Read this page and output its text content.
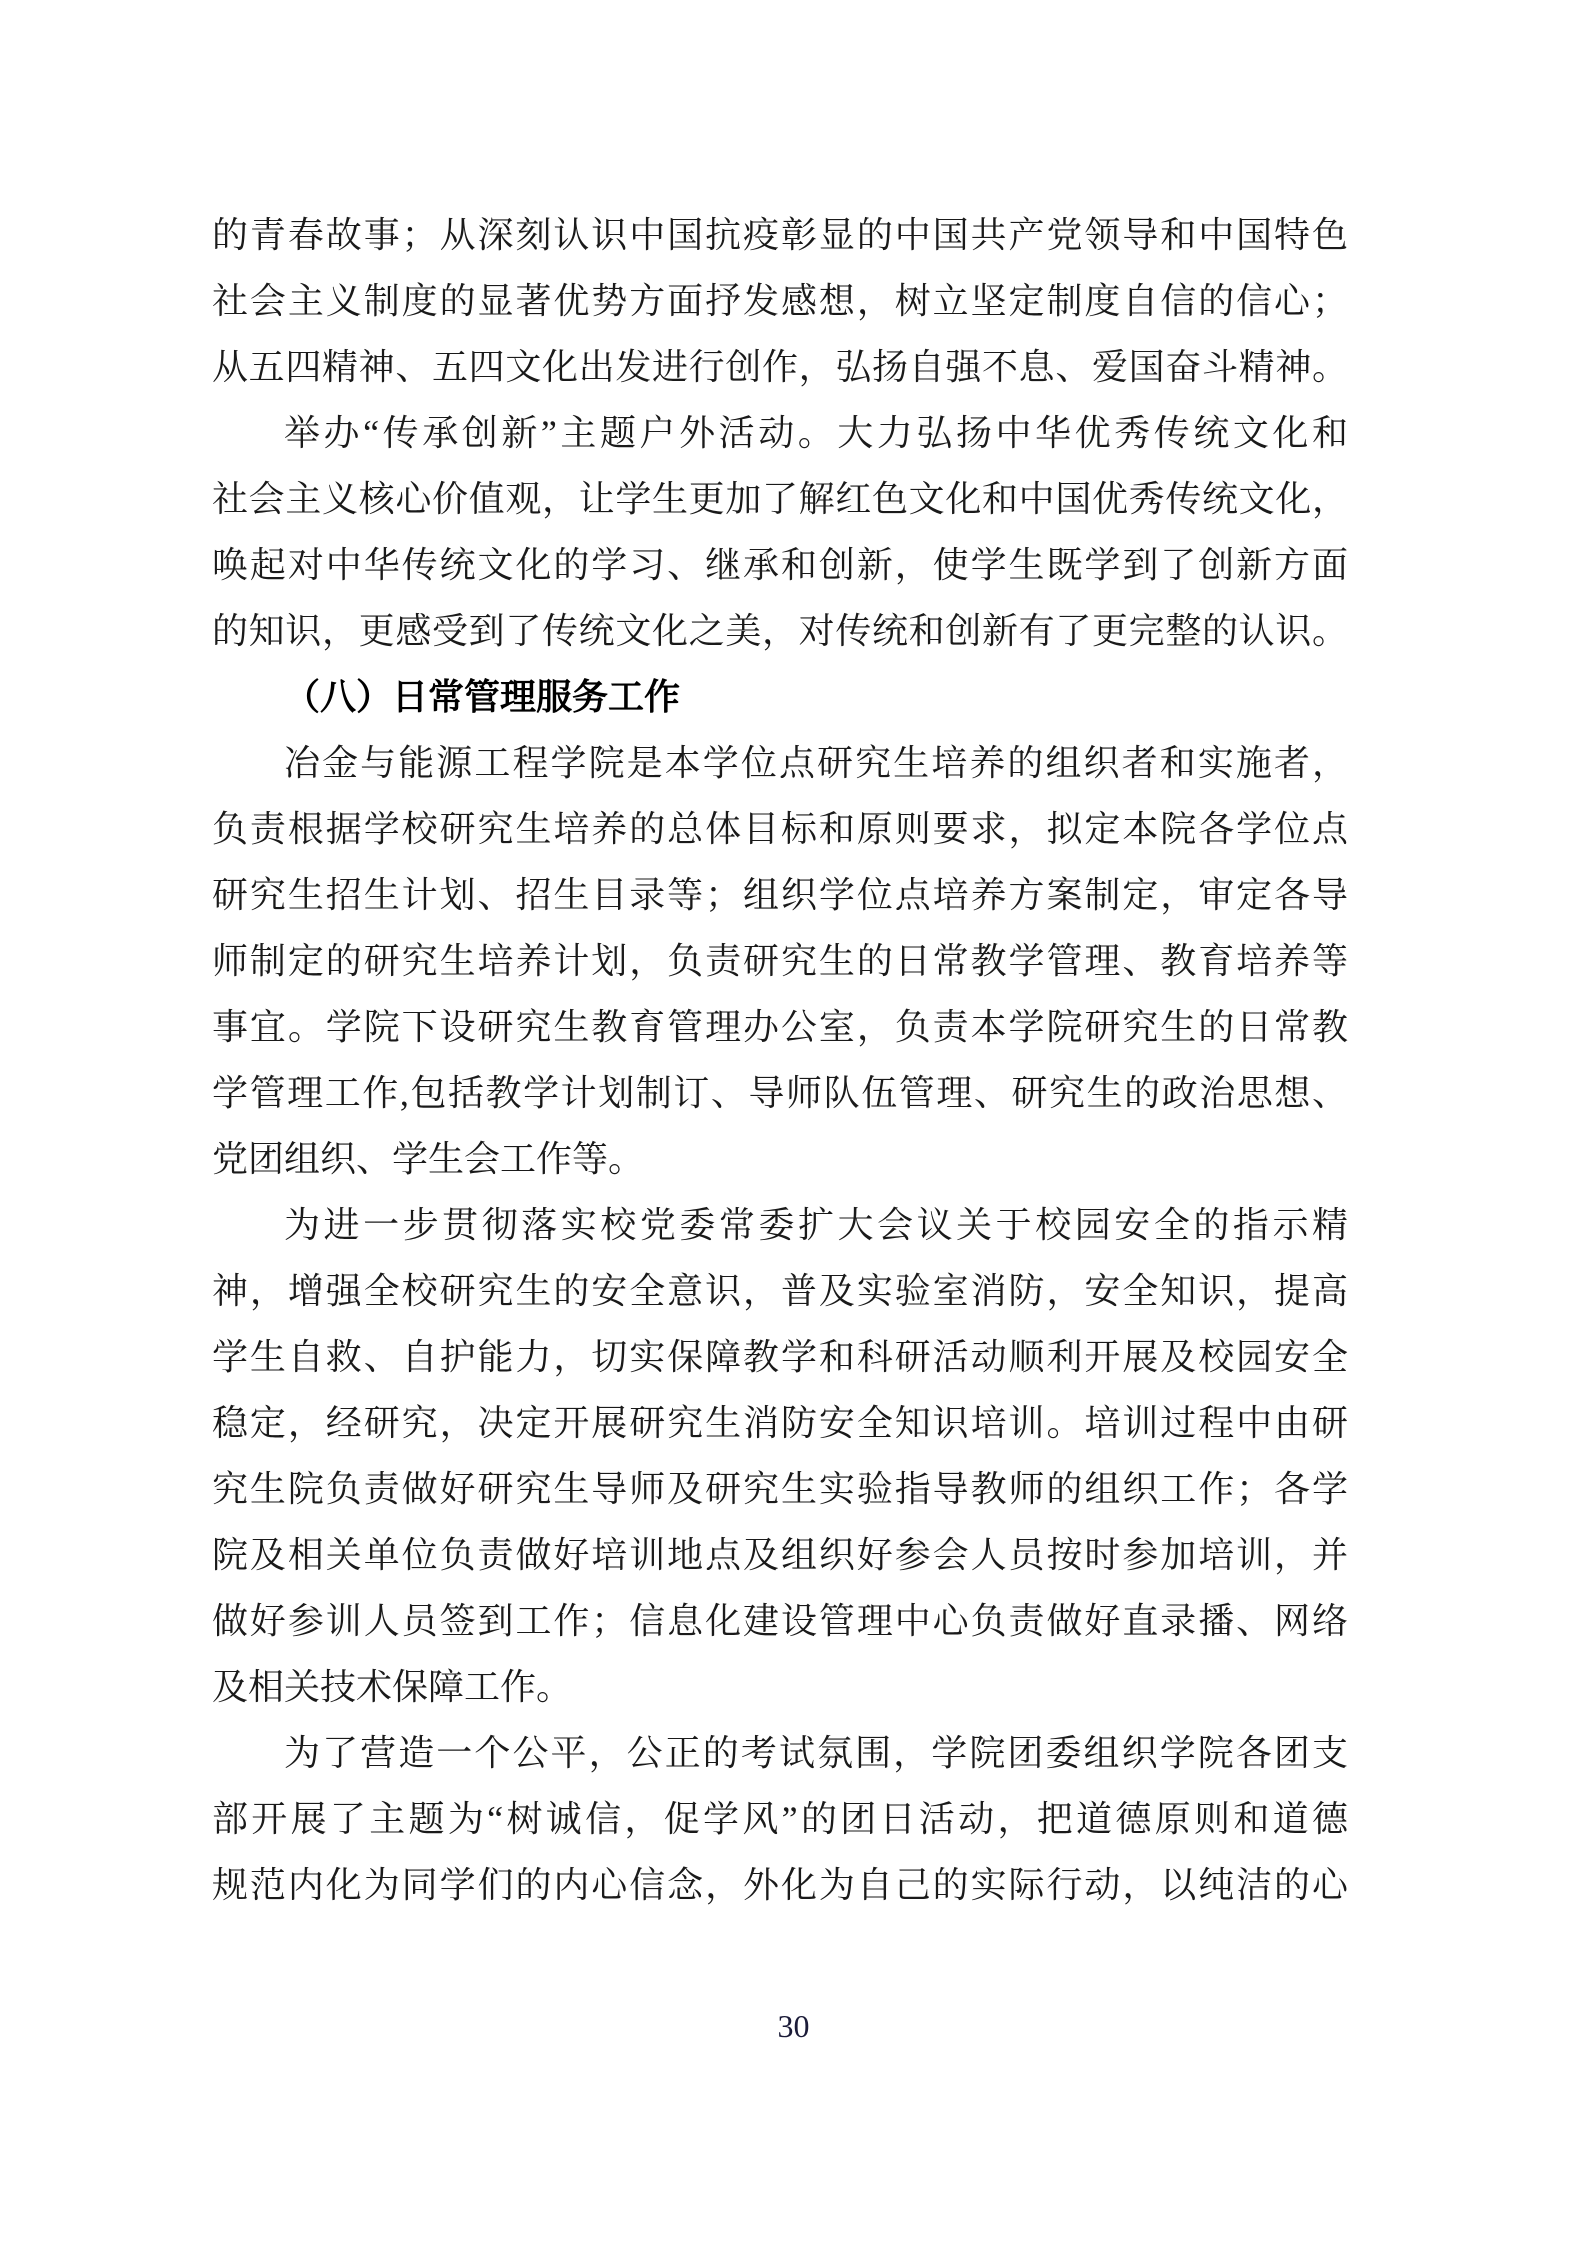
的青春故事；从深刻认识中国抗疫彰显的中国共产党领导和中国特色
社会主义制度的显著优势方面抒发感想，树立坚定制度自信的信心；
从五四精神、五四文化出发进行创作，弘扬自强不息、爱国奋斗精神。
举办“传承创新”主题户外活动。大力弘扬中华优秀传统文化和
社会主义核心价值观，让学生更加了解红色文化和中国优秀传统文化，
唤起对中华传统文化的学习、继承和创新，使学生既学到了创新方面
的知识，更感受到了传统文化之美，对传统和创新有了更完整的认识。
（八）日常管理服务工作
冶金与能源工程学院是本学位点研究生培养的组织者和实施者，
负责根据学校研究生培养的总体目标和原则要求，拟定本院各学位点
研究生招生计划、招生目录等；组织学位点培养方案制定，审定各导
师制定的研究生培养计划，负责研究生的日常教学管理、教育培养等
事宜。学院下设研究生教育管理办公室，负责本学院研究生的日常教
学管理工作,包括教学计划制订、导师队伍管理、研究生的政治思想、
党团组织、学生会工作等。
为进一步贯彻落实校党委常委扩大会议关于校园安全的指示精
神，增强全校研究生的安全意识，普及实验室消防，安全知识，提高
学生自救、自护能力，切实保障教学和科研活动顺利开展及校园安全
稳定，经研究，决定开展研究生消防安全知识培训。培训过程中由研
究生院负责做好研究生导师及研究生实验指导教师的组织工作；各学
院及相关单位负责做好培训地点及组织好参会人员按时参加培训，并
做好参训人员签到工作；信息化建设管理中心负责做好直录播、网络
及相关技术保障工作。
为了营造一个公平，公正的考试氛围，学院团委组织学院各团支
部开展了主题为“树诚信，促学风”的团日活动，把道德原则和道德
规范内化为同学们的内心信念，外化为自己的实际行动，以纯洁的心
30
